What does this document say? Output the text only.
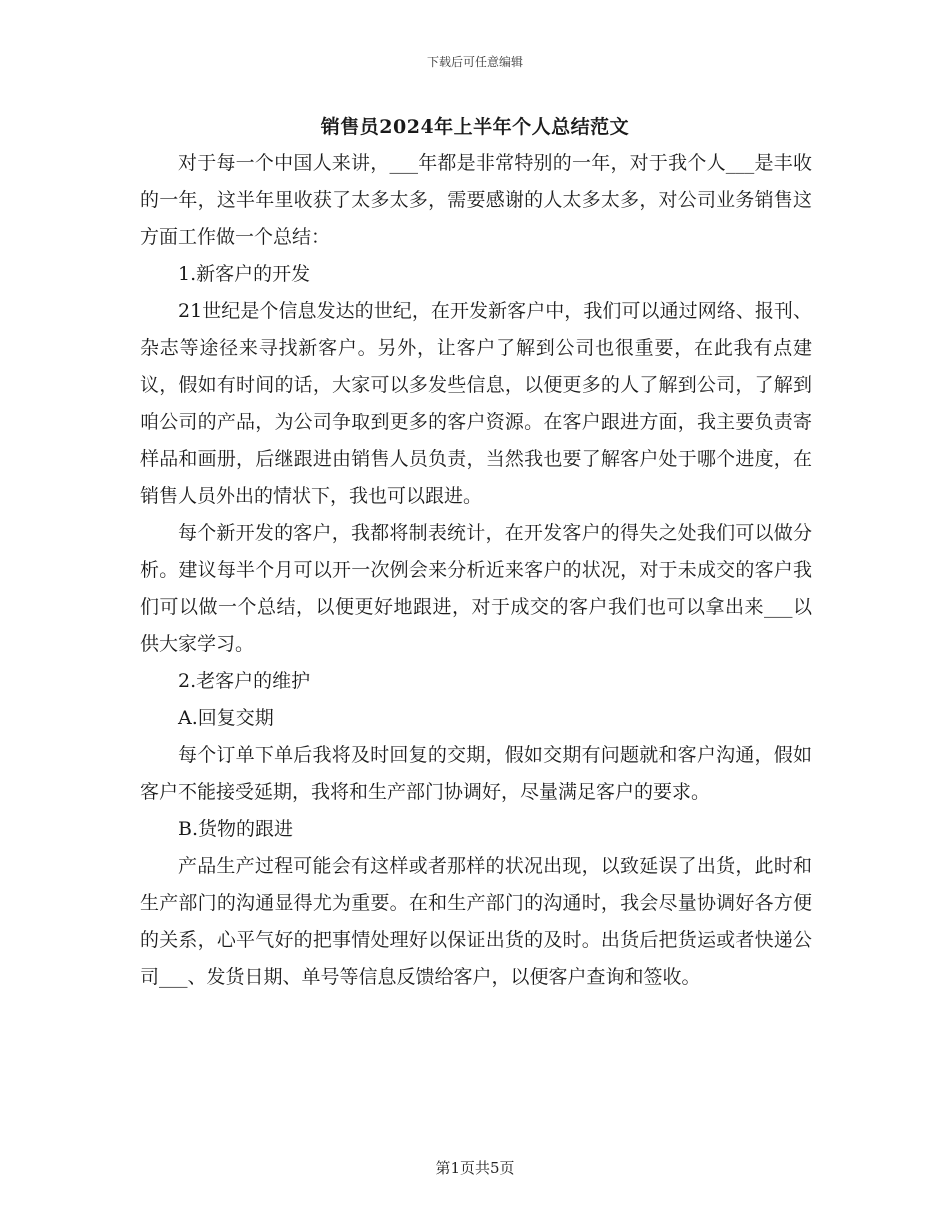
下载后可任意编辑
销售员2024年上半年个人总结范文

对于每一个中国人来讲，___年都是非常特别的一年，对于我个人___是丰收的一年，这半年里收获了太多太多，需要感谢的人太多太多，对公司业务销售这方面工作做一个总结：

1.新客户的开发

21世纪是个信息发达的世纪，在开发新客户中，我们可以通过网络、报刊、杂志等途径来寻找新客户。另外，让客户了解到公司也很重要，在此我有点建议，假如有时间的话，大家可以多发些信息，以便更多的人了解到公司，了解到咱公司的产品，为公司争取到更多的客户资源。在客户跟进方面，我主要负责寄样品和画册，后继跟进由销售人员负责，当然我也要了解客户处于哪个进度，在销售人员外出的情状下，我也可以跟进。

每个新开发的客户，我都将制表统计，在开发客户的得失之处我们可以做分析。建议每半个月可以开一次例会来分析近来客户的状况，对于未成交的客户我们可以做一个总结，以便更好地跟进，对于成交的客户我们也可以拿出来___以供大家学习。

2.老客户的维护

A.回复交期

每个订单下单后我将及时回复的交期，假如交期有问题就和客户沟通，假如客户不能接受延期，我将和生产部门协调好，尽量满足客户的要求。

B.货物的跟进

产品生产过程可能会有这样或者那样的状况出现，以致延误了出货，此时和生产部门的沟通显得尤为重要。在和生产部门的沟通时，我会尽量协调好各方便的关系，心平气好的把事情处理好以保证出货的及时。出货后把货运或者快递公司___、发货日期、单号等信息反馈给客户，以便客户查询和签收。

第1页共5页
